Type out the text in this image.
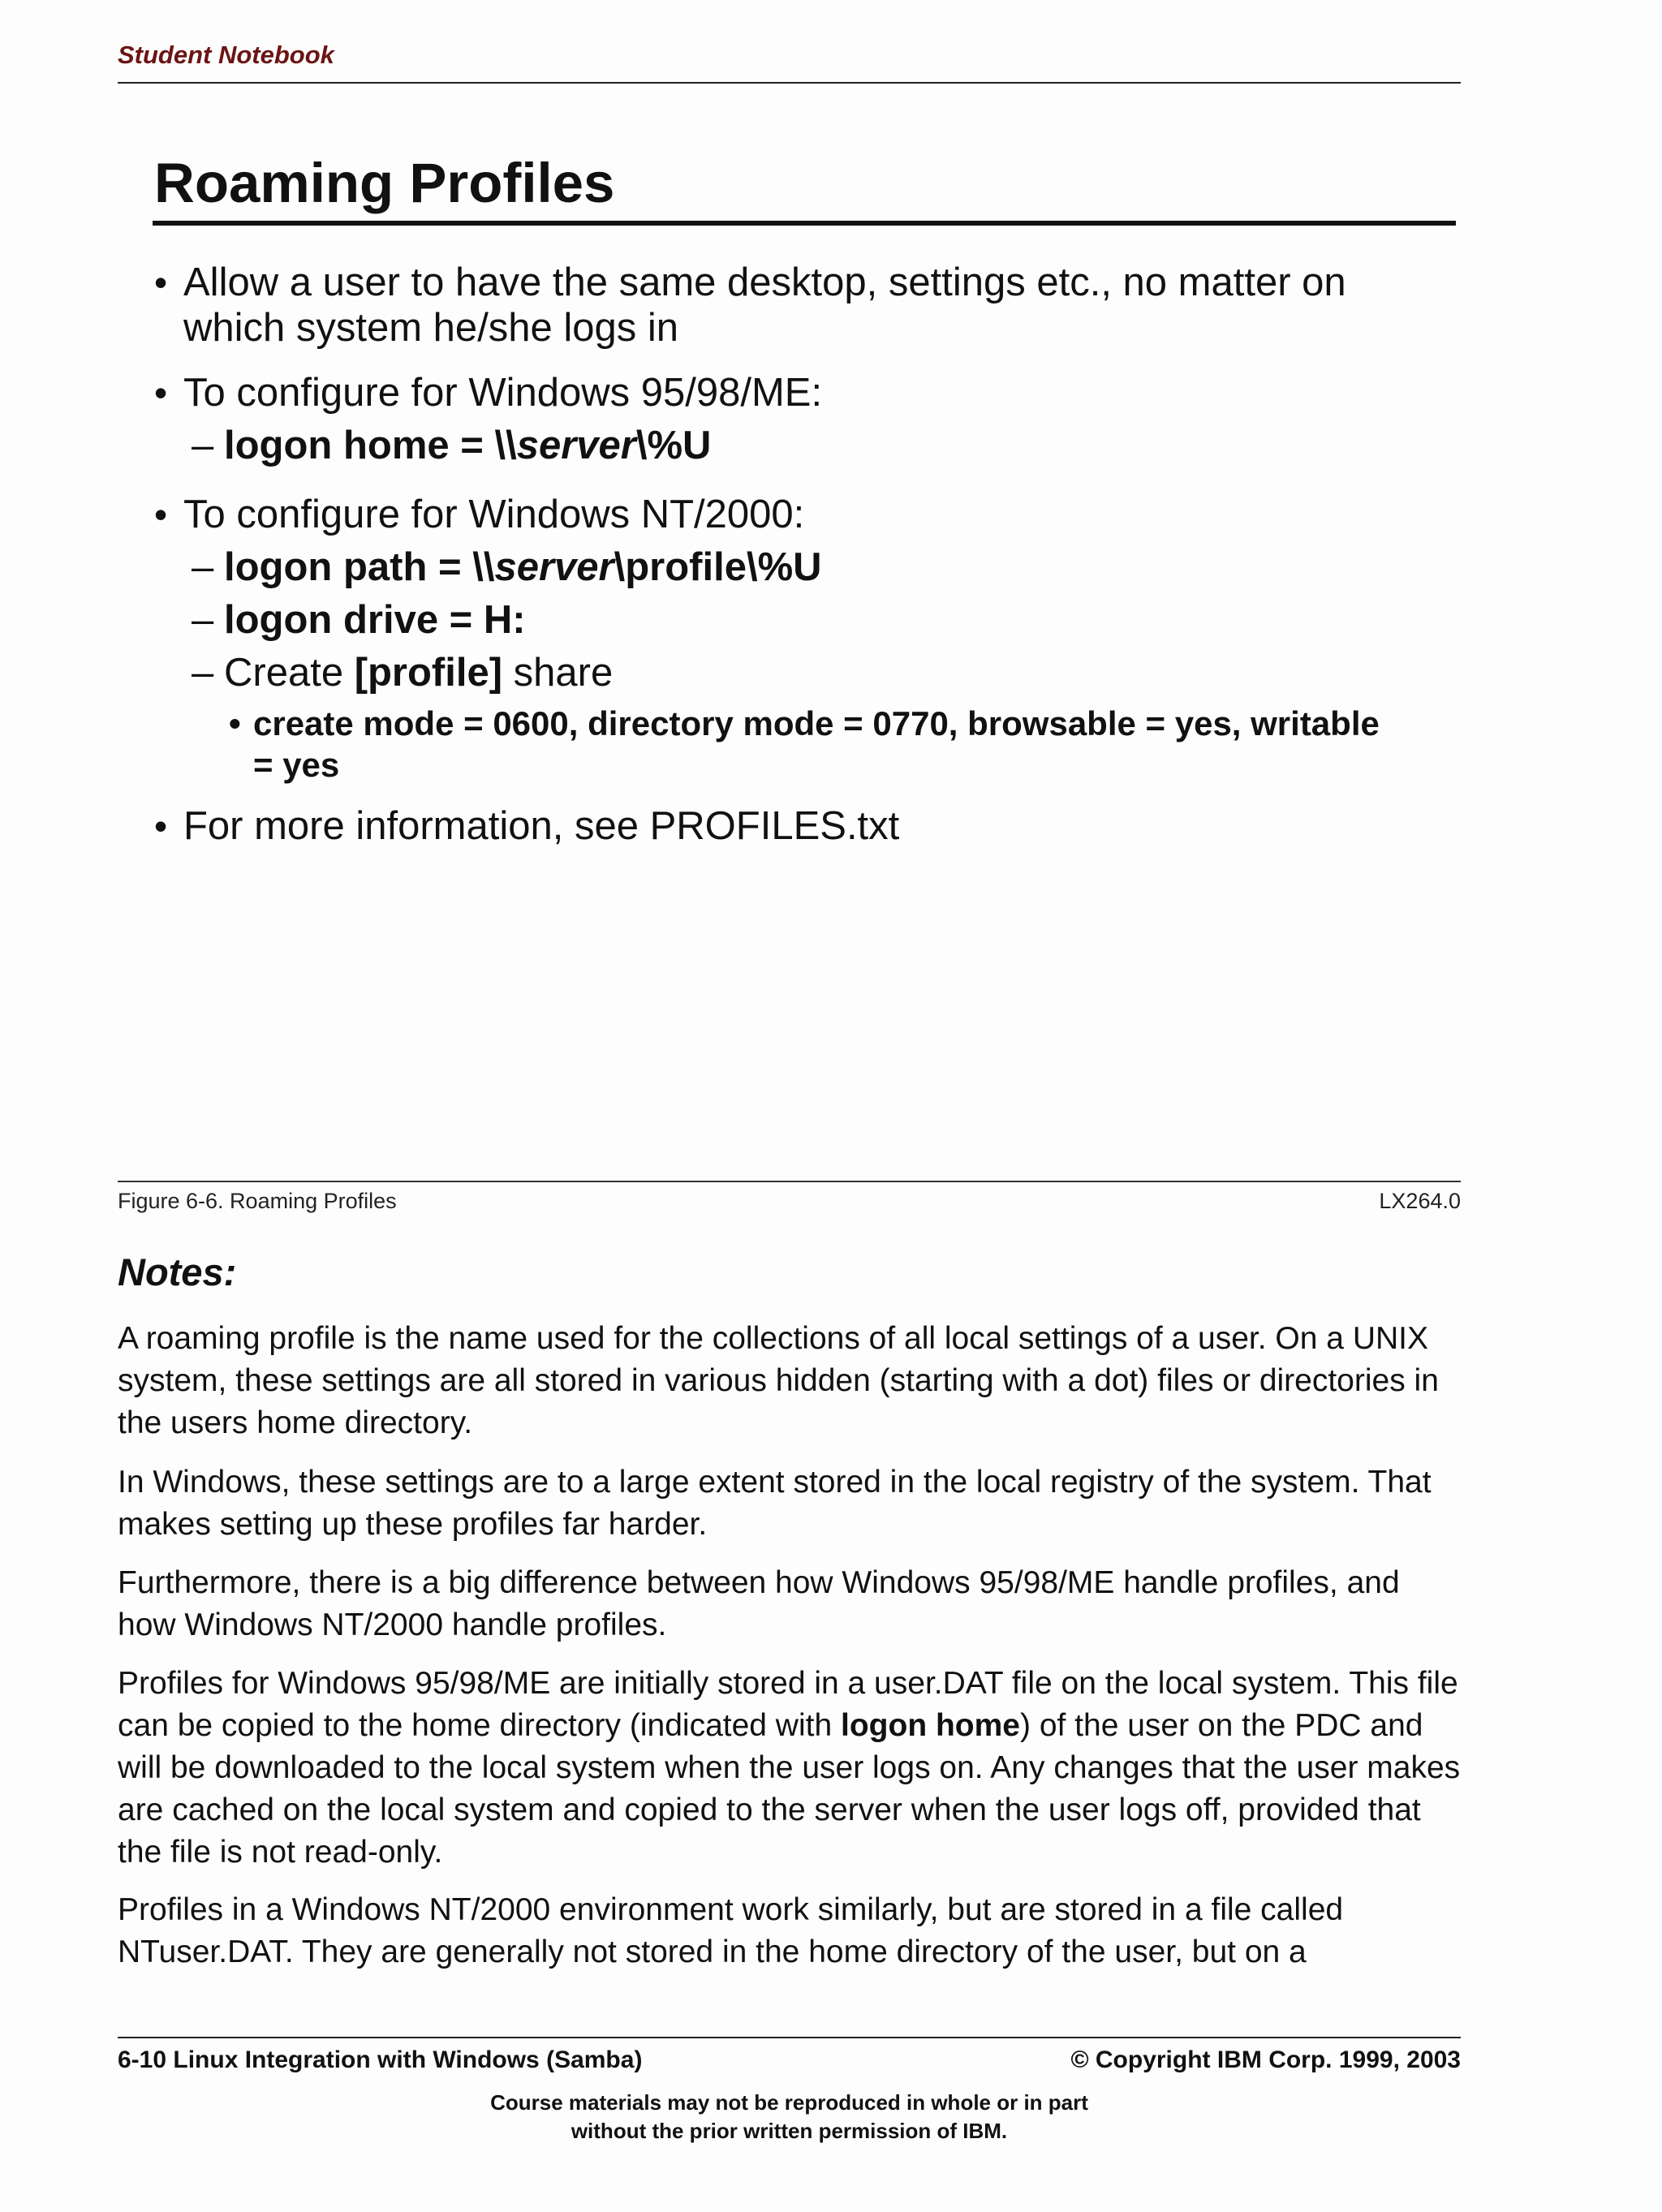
Student Notebook
Roaming Profiles
• Allow a user to have the same desktop, settings etc., no matter on which system he/she logs in
• To configure for Windows 95/98/ME:
– logon home = \\server\%U
• To configure for Windows NT/2000:
– logon path = \\server\profile\%U
– logon drive = H:
– Create [profile] share
• create mode = 0600, directory mode = 0770, browsable = yes, writable = yes
• For more information, see PROFILES.txt
Figure 6-6. Roaming Profiles	LX264.0
Notes:
A roaming profile is the name used for the collections of all local settings of a user. On a UNIX system, these settings are all stored in various hidden (starting with a dot) files or directories in the users home directory.
In Windows, these settings are to a large extent stored in the local registry of the system. That makes setting up these profiles far harder.
Furthermore, there is a big difference between how Windows 95/98/ME handle profiles, and how Windows NT/2000 handle profiles.
Profiles for Windows 95/98/ME are initially stored in a user.DAT file on the local system. This file can be copied to the home directory (indicated with logon home) of the user on the PDC and will be downloaded to the local system when the user logs on. Any changes that the user makes are cached on the local system and copied to the server when the user logs off, provided that the file is not read-only.
Profiles in a Windows NT/2000 environment work similarly, but are stored in a file called NTuser.DAT. They are generally not stored in the home directory of the user, but on a
6-10 Linux Integration with Windows (Samba)	© Copyright IBM Corp. 1999, 2003
Course materials may not be reproduced in whole or in part
without the prior written permission of IBM.
